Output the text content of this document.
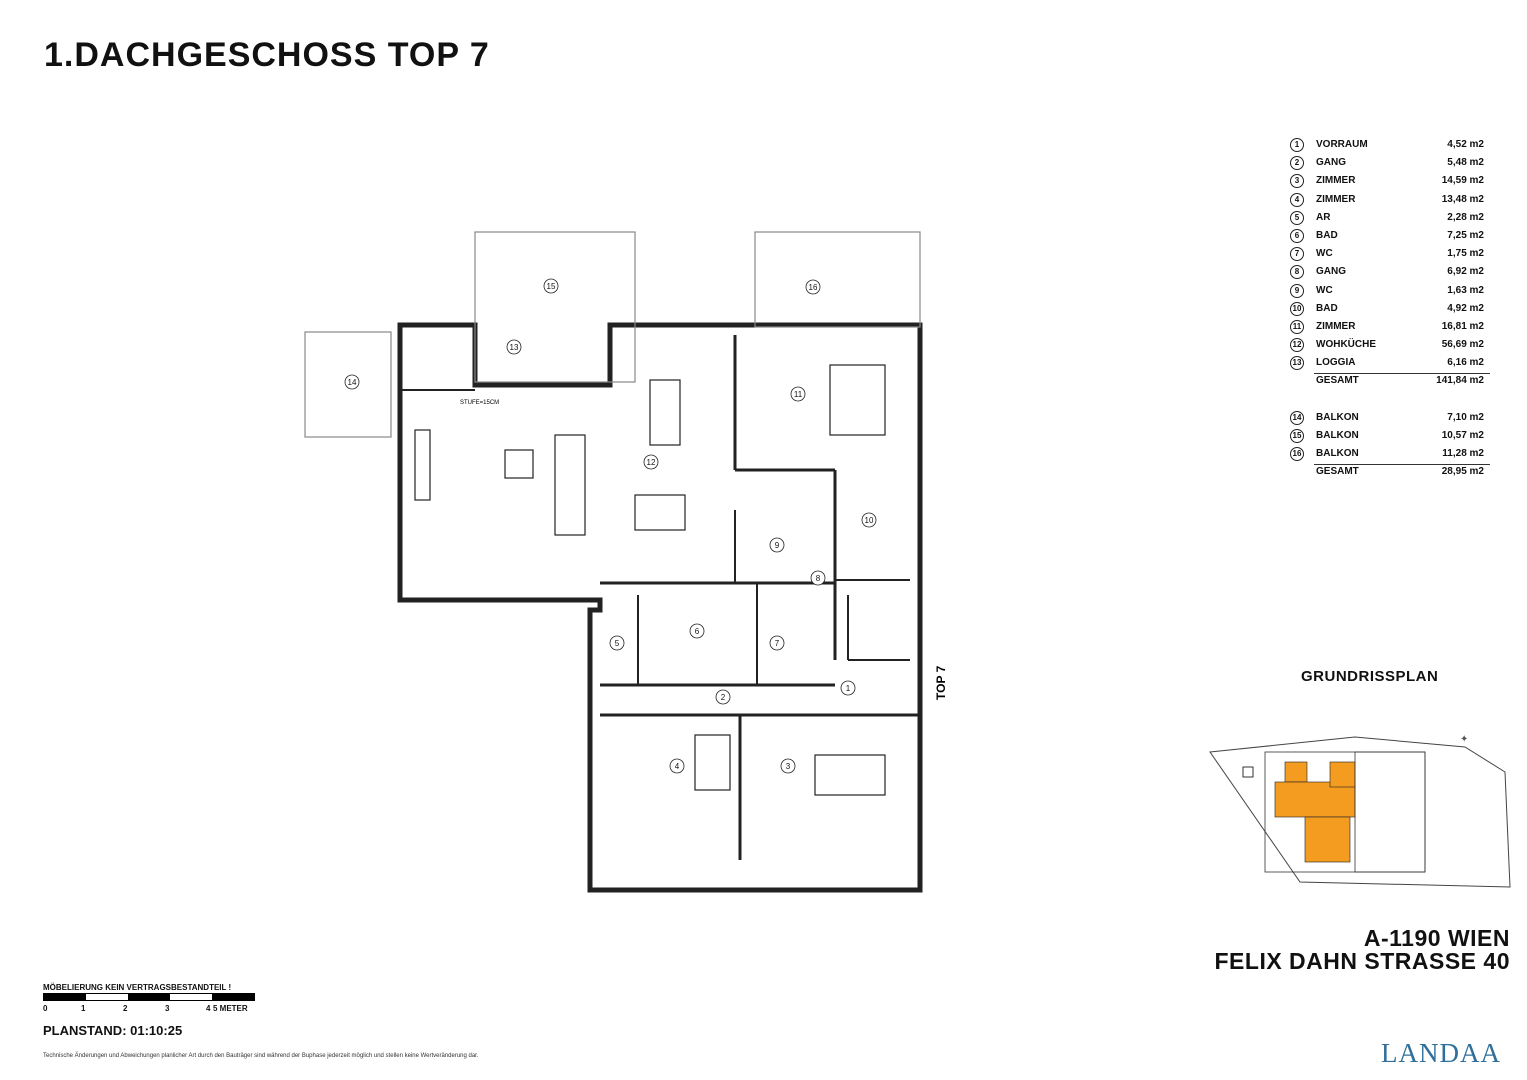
1.DACHGESCHOSS TOP 7
1	VORRAUM	4,52 m2
2	GANG	5,48 m2
3	ZIMMER	14,59 m2
4	ZIMMER	13,48 m2
5	AR	2,28 m2
6	BAD	7,25 m2
7	WC	1,75 m2
8	GANG	6,92 m2
9	WC	1,63 m2
10 BAD	4,92 m2
11 ZIMMER	16,81 m2
12 WOHKÜCHE	56,69 m2
13 LOGGIA	6,16 m2
GESAMT	141,84 m2
14 BALKON	7,10 m2
15 BALKON	10,57 m2
16 BALKON	11,28 m2
GESAMT	28,95 m2
14
15	16
13
12
11
10
9
8
7
6
5
2
1
4	3
STUFE=15CM
TOP 7	GRUNDRISSPLAN
✦
A-1190 WIEN
FELIX DAHN STRASSE 40
MÖBELIERUNG KEIN VERTRAGSBESTANDTEIL !
0	1	2	3	4 5 METER
PLANSTAND: 01:10:25
Technische Änderungen und Abweichungen planlicher Art durch den Bauträger sind während der Buphase jederzeit möglich und stellen keine Wertveränderung dar.	LANDAA
